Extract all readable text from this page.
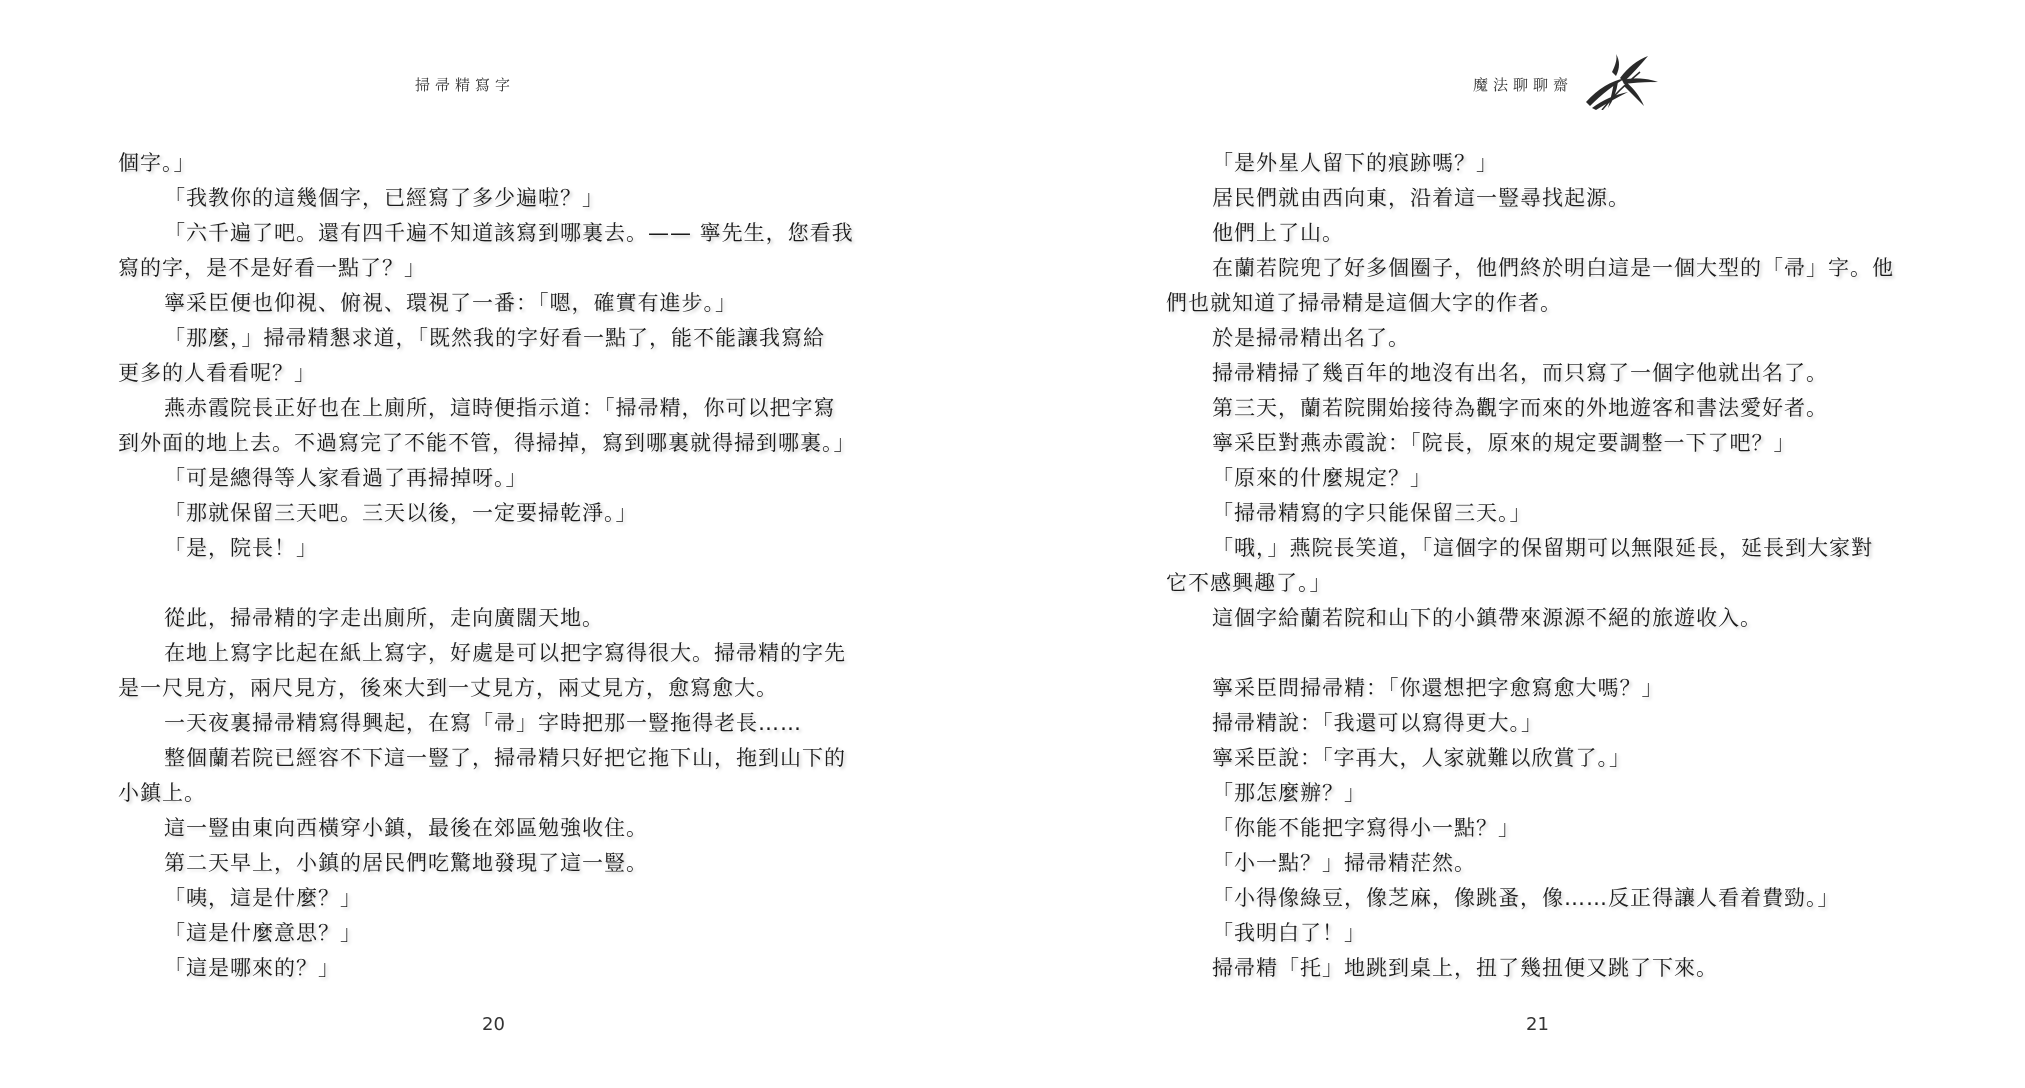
掃帚精寫字
個字。」
「我教你的這幾個字，已經寫了多少遍啦？」
「六千遍了吧。還有四千遍不知道該寫到哪裏去。—— 寧先生，您看我
寫的字，是不是好看一點了？」
寧采臣便也仰視、俯視、環視了一番：「嗯，確實有進步。」
「那麼，」掃帚精懇求道，「既然我的字好看一點了，能不能讓我寫給
更多的人看看呢？」
燕赤霞院長正好也在上廁所，這時便指示道：「掃帚精，你可以把字寫
到外面的地上去。不過寫完了不能不管，得掃掉，寫到哪裏就得掃到哪裏。」
「可是總得等人家看過了再掃掉呀。」
「那就保留三天吧。三天以後，一定要掃乾淨。」
「是，院長！」
從此，掃帚精的字走出廁所，走向廣闊天地。
在地上寫字比起在紙上寫字，好處是可以把字寫得很大。掃帚精的字先
是一尺見方，兩尺見方，後來大到一丈見方，兩丈見方，愈寫愈大。
一天夜裏掃帚精寫得興起，在寫「帚」字時把那一豎拖得老長……
整個蘭若院已經容不下這一豎了，掃帚精只好把它拖下山，拖到山下的
小鎮上。
這一豎由東向西橫穿小鎮，最後在郊區勉強收住。
第二天早上，小鎮的居民們吃驚地發現了這一豎。
「咦，這是什麼？」
「這是什麼意思？」
「這是哪來的？」
20
魔法聊聊齋
「是外星人留下的痕跡嗎？」
居民們就由西向東，沿着這一豎尋找起源。
他們上了山。
在蘭若院兜了好多個圈子，他們終於明白這是一個大型的「帚」字。他
們也就知道了掃帚精是這個大字的作者。
於是掃帚精出名了。
掃帚精掃了幾百年的地沒有出名，而只寫了一個字他就出名了。
第三天，蘭若院開始接待為觀字而來的外地遊客和書法愛好者。
寧采臣對燕赤霞說：「院長，原來的規定要調整一下了吧？」
「原來的什麼規定？」
「掃帚精寫的字只能保留三天。」
「哦，」燕院長笑道，「這個字的保留期可以無限延長，延長到大家對
它不感興趣了。」
這個字給蘭若院和山下的小鎮帶來源源不絕的旅遊收入。
寧采臣問掃帚精：「你還想把字愈寫愈大嗎？」
掃帚精說：「我還可以寫得更大。」
寧采臣說：「字再大，人家就難以欣賞了。」
「那怎麼辦？」
「你能不能把字寫得小一點？」
「小一點？」掃帚精茫然。
「小得像綠豆，像芝麻，像跳蚤，像……反正得讓人看着費勁。」
「我明白了！」
掃帚精「托」地跳到桌上，扭了幾扭便又跳了下來。
21
